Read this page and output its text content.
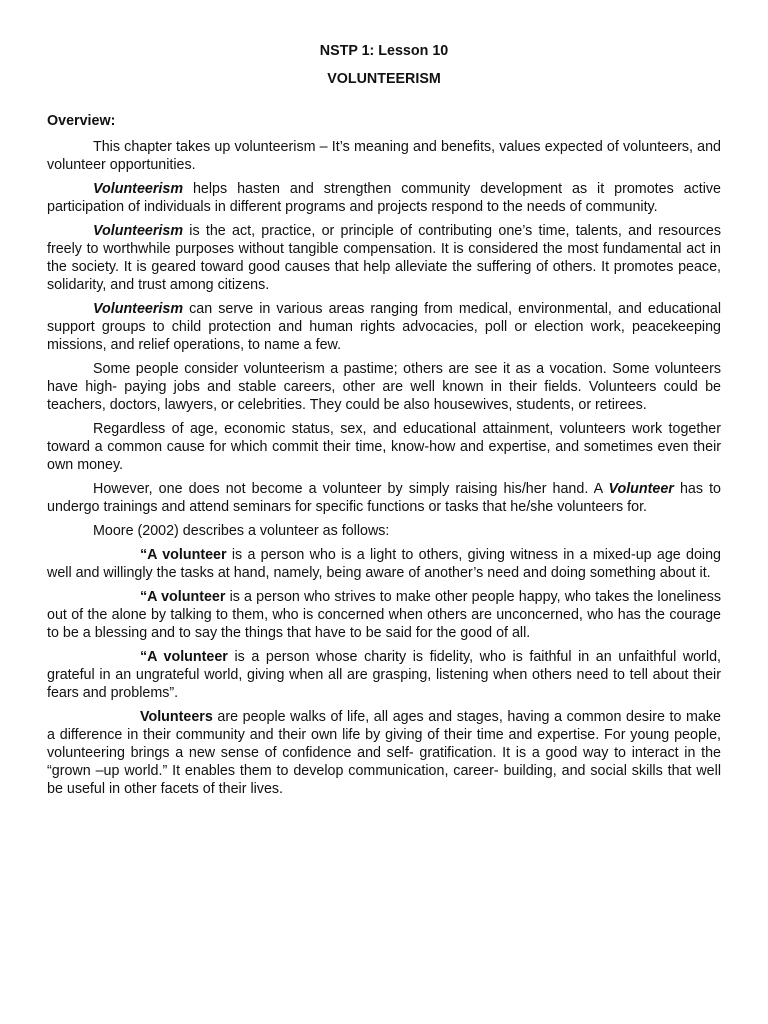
NSTP 1: Lesson 10
VOLUNTEERISM
Overview:

This chapter takes up volunteerism – It’s meaning and benefits, values expected of volunteers, and volunteer opportunities.

Volunteerism helps hasten and strengthen community development as it promotes active participation of individuals in different programs and projects respond to the needs of community.

Volunteerism is the act, practice, or principle of contributing one’s time, talents, and resources freely to worthwhile purposes without tangible compensation. It is considered the most fundamental act in the society. It is geared toward good causes that help alleviate the suffering of others. It promotes peace, solidarity, and trust among citizens.

Volunteerism can serve in various areas ranging from medical, environmental, and educational support groups to child protection and human rights advocacies, poll or election work, peacekeeping missions, and relief operations, to name a few.

Some people consider volunteerism a pastime; others are see it as a vocation. Some volunteers have high- paying jobs and stable careers, other are well known in their fields. Volunteers could be teachers, doctors, lawyers, or celebrities. They could be also housewives, students, or retirees.

Regardless of age, economic status, sex, and educational attainment, volunteers work together toward a common cause for which commit their time, know-how and expertise, and sometimes even their own money.

However, one does not become a volunteer by simply raising his/her hand. A Volunteer has to undergo trainings and attend seminars for specific functions or tasks that he/she volunteers for.

Moore (2002) describes a volunteer as follows:

“A volunteer is a person who is a light to others, giving witness in a mixed-up age doing well and willingly the tasks at hand, namely, being aware of another’s need and doing something about it.

“A volunteer is a person who strives to make other people happy, who takes the loneliness out of the alone by talking to them, who is concerned when others are unconcerned, who has the courage to be a blessing and to say the things that have to be said for the good of all.

“A volunteer is a person whose charity is fidelity, who is faithful in an unfaithful world, grateful in an ungrateful world, giving when all are grasping, listening when others need to tell about their fears and problems”.

Volunteers are people walks of life, all ages and stages, having a common desire to make a difference in their community and their own life by giving of their time and expertise. For young people, volunteering brings a new sense of confidence and self- gratification. It is a good way to interact in the “grown –up world.” It enables them to develop communication, career- building, and social skills that well be useful in other facets of their lives.
